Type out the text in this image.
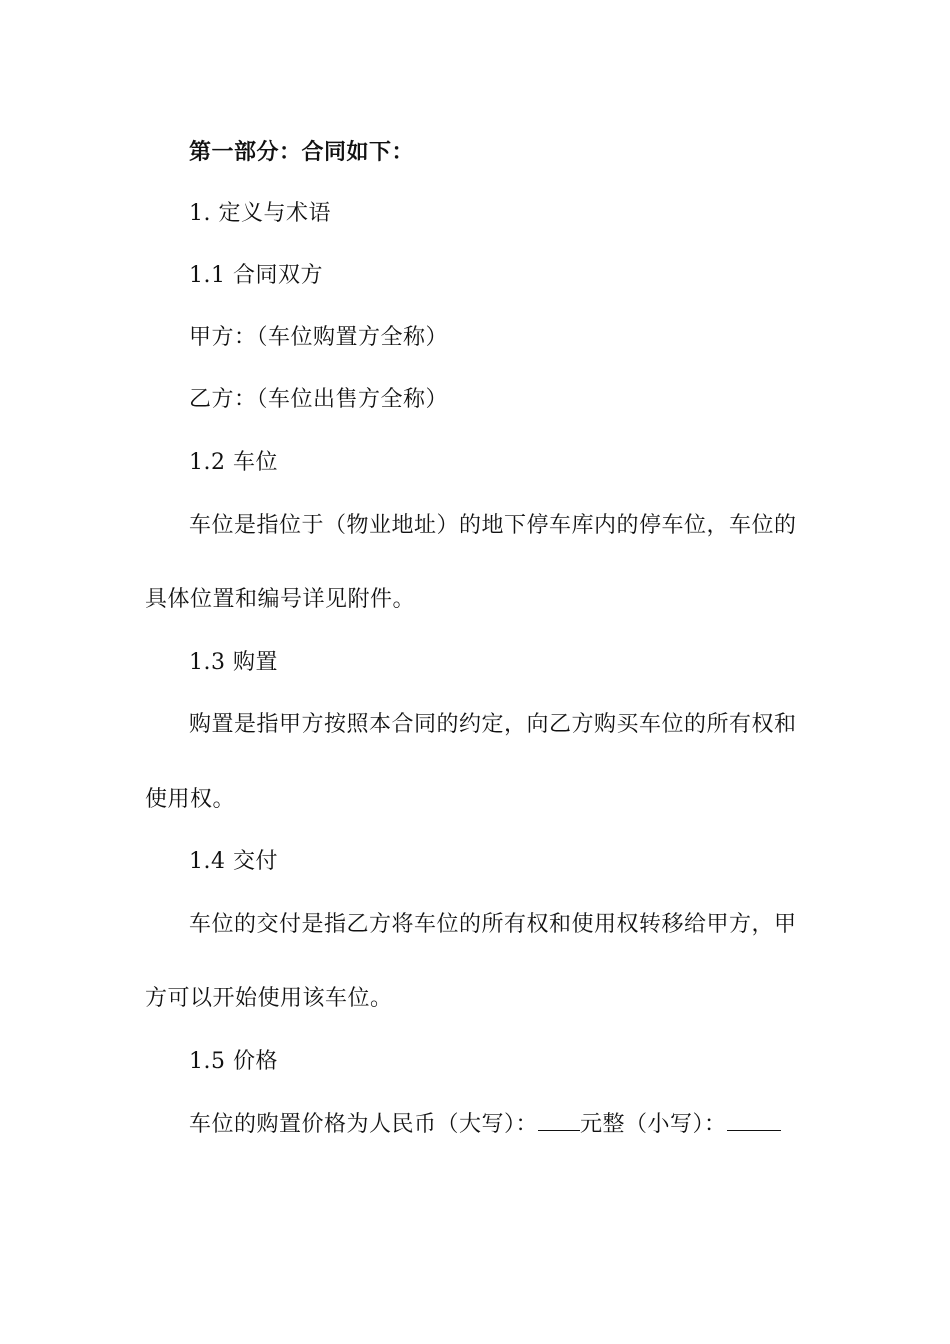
第一部分：合同如下：
1. 定义与术语
1.1 合同双方
甲方：（车位购置方全称）
乙方：（车位出售方全称）
1.2 车位
车位是指位于（物业地址）的地下停车库内的停车位，车位的
具体位置和编号详见附件。
1.3 购置
购置是指甲方按照本合同的约定，向乙方购买车位的所有权和
使用权。
1.4 交付
车位的交付是指乙方将车位的所有权和使用权转移给甲方，甲
方可以开始使用该车位。
1.5 价格
车位的购置价格为人民币（大写）： 元整（小写）：
